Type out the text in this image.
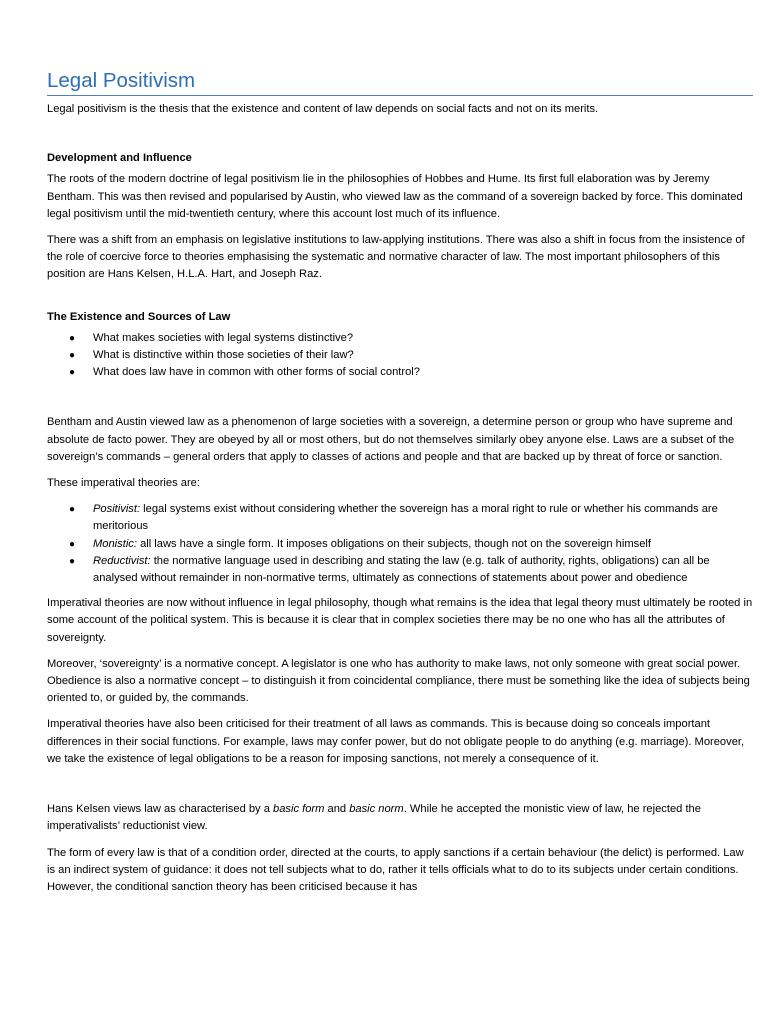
Legal Positivism

Legal positivism is the thesis that the existence and content of law depends on social facts and not on its merits.

Development and Influence

The roots of the modern doctrine of legal positivism lie in the philosophies of Hobbes and Hume. Its first full elaboration was by Jeremy Bentham. This was then revised and popularised by Austin, who viewed law as the command of a sovereign backed by force. This dominated legal positivism until the mid-twentieth century, where this account lost much of its influence.

There was a shift from an emphasis on legislative institutions to law-applying institutions. There was also a shift in focus from the insistence of the role of coercive force to theories emphasising the systematic and normative character of law. The most important philosophers of this position are Hans Kelsen, H.L.A. Hart, and Joseph Raz.

The Existence and Sources of Law
● What makes societies with legal systems distinctive?
● What is distinctive within those societies of their law?
● What does law have in common with other forms of social control?

Bentham and Austin viewed law as a phenomenon of large societies with a sovereign, a determine person or group who have supreme and absolute de facto power. They are obeyed by all or most others, but do not themselves similarly obey anyone else. Laws are a subset of the sovereign’s commands – general orders that apply to classes of actions and people and that are backed up by threat of force or sanction.

These imperatival theories are:

● Positivist: legal systems exist without considering whether the sovereign has a moral right to rule or whether his commands are meritorious
● Monistic: all laws have a single form. It imposes obligations on their subjects, though not on the sovereign himself
● Reductivist: the normative language used in describing and stating the law (e.g. talk of authority, rights, obligations) can all be analysed without remainder in non-normative terms, ultimately as connections of statements about power and obedience

Imperatival theories are now without influence in legal philosophy, though what remains is the idea that legal theory must ultimately be rooted in some account of the political system. This is because it is clear that in complex societies there may be no one who has all the attributes of sovereignty.

Moreover, ‘sovereignty’ is a normative concept. A legislator is one who has authority to make laws, not only someone with great social power. Obedience is also a normative concept – to distinguish it from coincidental compliance, there must be something like the idea of subjects being oriented to, or guided by, the commands.

Imperatival theories have also been criticised for their treatment of all laws as commands. This is because doing so conceals important differences in their social functions. For example, laws may confer power, but do not obligate people to do anything (e.g. marriage). Moreover, we take the existence of legal obligations to be a reason for imposing sanctions, not merely a consequence of it.

Hans Kelsen views law as characterised by a basic form and basic norm. While he accepted the monistic view of law, he rejected the imperativalists’ reductionist view.

The form of every law is that of a condition order, directed at the courts, to apply sanctions if a certain behaviour (the delict) is performed. Law is an indirect system of guidance: it does not tell subjects what to do, rather it tells officials what to do to its subjects under certain conditions. However, the conditional sanction theory has been criticised because it has
